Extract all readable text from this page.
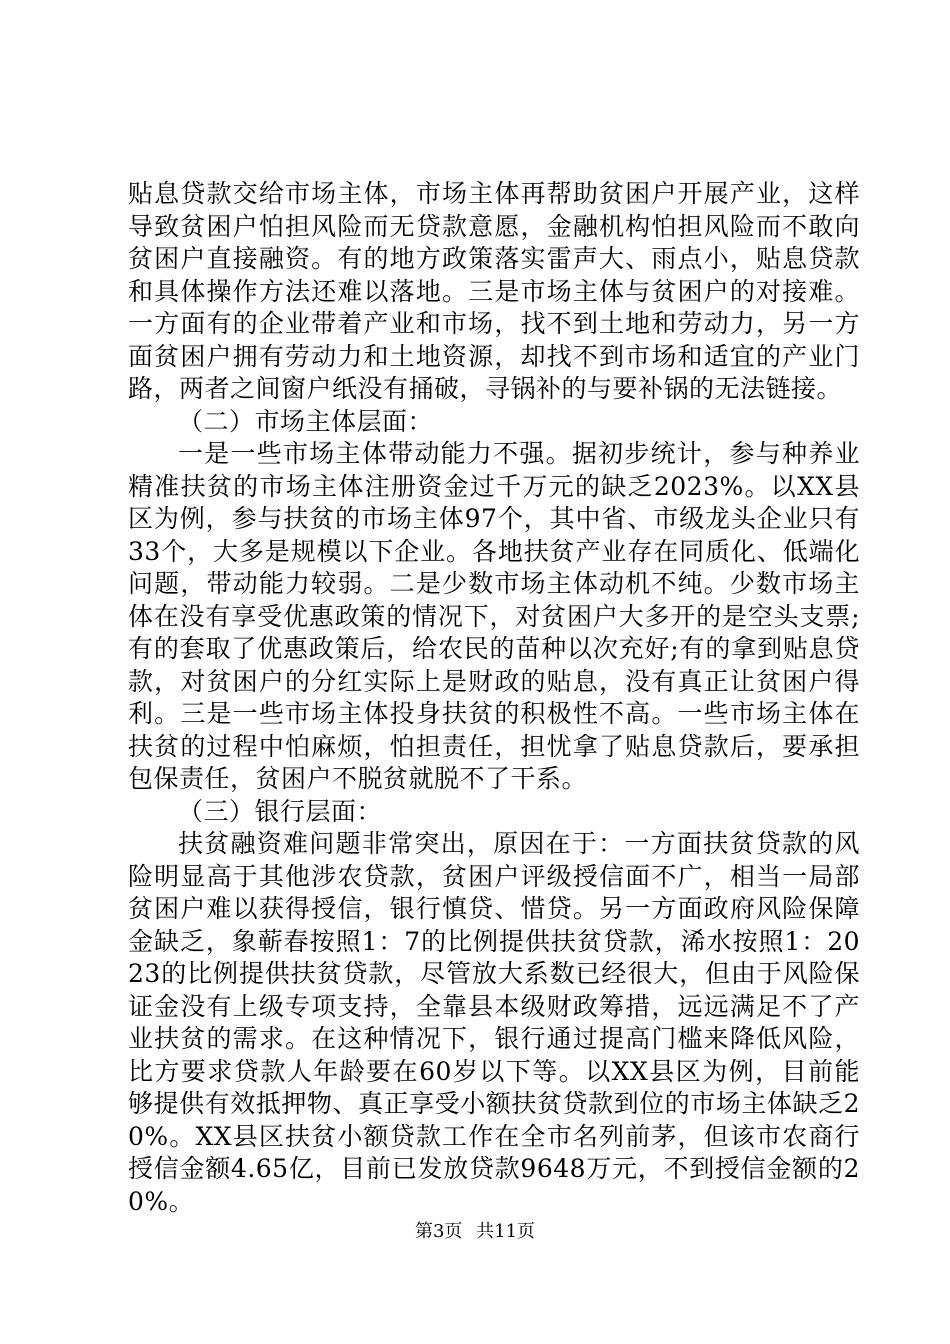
贴息贷款交给市场主体，市场主体再帮助贫困户开展产业，这样导致贫困户怕担风险而无贷款意愿，金融机构怕担风险而不敢向贫困户直接融资。有的地方政策落实雷声大、雨点小，贴息贷款和具体操作方法还难以落地。三是市场主体与贫困户的对接难。一方面有的企业带着产业和市场，找不到土地和劳动力，另一方面贫困户拥有劳动力和土地资源，却找不到市场和适宜的产业门路，两者之间窗户纸没有捅破，寻锅补的与要补锅的无法链接。

（二）市场主体层面：

一是一些市场主体带动能力不强。据初步统计，参与种养业精准扶贫的市场主体注册资金过千万元的缺乏2023%。以XX县区为例，参与扶贫的市场主体97个，其中省、市级龙头企业只有33个，大多是规模以下企业。各地扶贫产业存在同质化、低端化问题，带动能力较弱。二是少数市场主体动机不纯。少数市场主体在没有享受优惠政策的情况下，对贫困户大多开的是空头支票;有的套取了优惠政策后，给农民的苗种以次充好;有的拿到贴息贷款，对贫困户的分红实际上是财政的贴息，没有真正让贫困户得利。三是一些市场主体投身扶贫的积极性不高。一些市场主体在扶贫的过程中怕麻烦，怕担责任，担忧拿了贴息贷款后，要承担包保责任，贫困户不脱贫就脱不了干系。

（三）银行层面：

扶贫融资难问题非常突出，原因在于：一方面扶贫贷款的风险明显高于其他涉农贷款，贫困户评级授信面不广，相当一局部贫困户难以获得授信，银行慎贷、惜贷。另一方面政府风险保障金缺乏，象蕲春按照1：7的比例提供扶贫贷款，浠水按照1：2023的比例提供扶贫贷款，尽管放大系数已经很大，但由于风险保证金没有上级专项支持，全靠县本级财政筹措，远远满足不了产业扶贫的需求。在这种情况下，银行通过提高门槛来降低风险，比方要求贷款人年龄要在60岁以下等。以XX县区为例，目前能够提供有效抵押物、真正享受小额扶贫贷款到位的市场主体缺乏20%。XX县区扶贫小额贷款工作在全市名列前茅，但该市农商行授信金额4.65亿，目前已发放贷款9648万元，不到授信金额的20%。

第3页 共11页
